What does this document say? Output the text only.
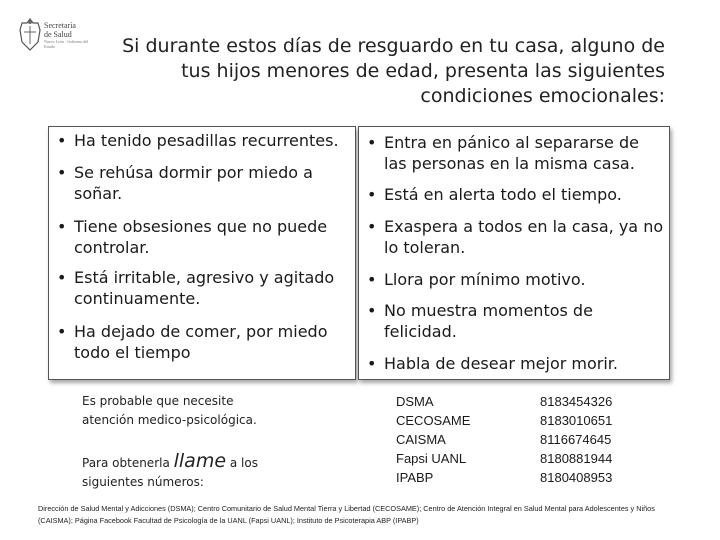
Secretaría
de Salud
Nuevo León · Gobierno del Estado	Si durante estos días de resguardo en tu casa, alguno de tus hijos menores de edad, presenta las siguientes condiciones emocionales:
• Ha tenido pesadillas recurrentes.
• Se rehúsa dormir por miedo a soñar.
• Tiene obsesiones que no puede controlar.
• Está irritable, agresivo y agitado continuamente.
• Ha dejado de comer, por miedo todo el tiempo
• Entra en pánico al separarse de las personas en la misma casa.
• Está en alerta todo el tiempo.
• Exaspera a todos en la casa, ya no lo toleran.
• Llora por mínimo motivo.
• No muestra momentos de felicidad.
• Habla de desear mejor morir.
Es probable que necesite atención medico-psicológica.
Para obtenerla llame a los siguientes números:
DSMA	8183454326
CECOSAME	8183010651
CAISMA	8116674645
Fapsi UANL	8180881944
IPABP	8180408953
Dirección de Salud Mental y Adicciones (DSMA); Centro Comunitario de Salud Mental Tierra y Libertad (CECOSAME); Centro de Atención Integral en Salud Mental para Adolescentes y Niños (CAISMA); Página Facebook Facultad de Psicología de la UANL (Fapsi UANL); Instituto de Psicoterapia ABP (IPABP)
